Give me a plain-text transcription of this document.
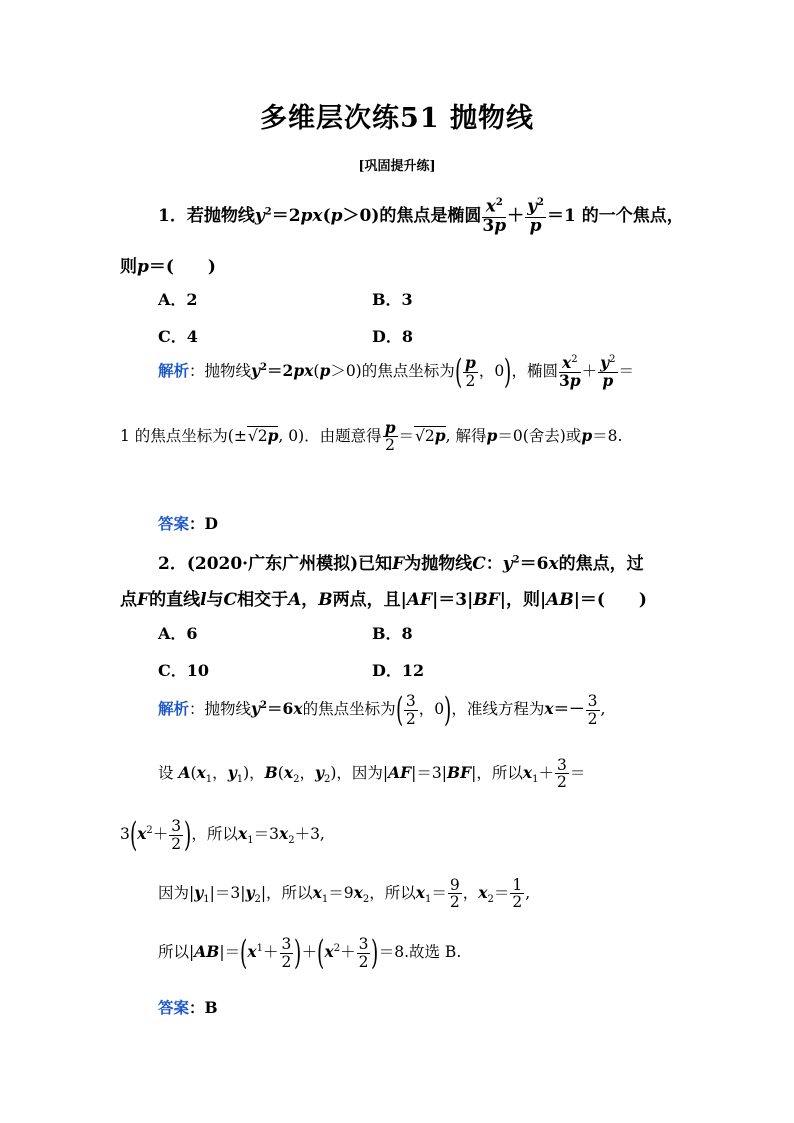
多维层次练51 抛物线
[巩固提升练]
1．若抛物线$y^2=2px(p>0)$的焦点是椭圆 $\frac{x^2}{3p} + \frac{y^2}{p} =1$ 的一个焦点，
则p＝(　　)
A．2	B．3
C．4	D．8
解析：抛物线$y^2=2px(p>0)$的焦点坐标为( $\frac{p}{2}$ ，0)，椭圆 $\frac{x^2}{3p} + \frac{y^2}{p}$ ＝
1 的焦点坐标为(±√2p, 0)．由题意得 $\frac{p}{2} =√2p$, 解得p＝0(舍去)或p＝8.
答案：D
2．(2020·广东广州模拟)已知F为抛物线C：$y^2=6x$的焦点，过
点F的直线l与C相交于A，B两点，且|AF|＝3|BF|，则|AB|＝(　　)
A．6	B．8
C．10	D．12
解析：抛物线$y^2=6x$的焦点坐标为( $\frac{3}{2}$ ，0)，准线方程为$x=- \frac{3}{2}$ ,
设 $A(x_1$，$y_1$)，$B(x_2$，$y_2$)，因为|AF|＝3|BF|，所以$x_1+ \frac{3}{2}$ ＝
$3(x^2+ \frac{3}{2}$ )，所以$x_1=3x_2+3$,
因为$|y_1|=3|y_2|$，所以$x_1=9x_2$，所以$x_1= \frac{9}{2}$ ，$x_2= \frac{1}{2}$ ,
所以$|AB|=(x^1+ \frac{3}{2} )+(x^2+ \frac{3}{2} )=8$.故选 B.
答案：B
